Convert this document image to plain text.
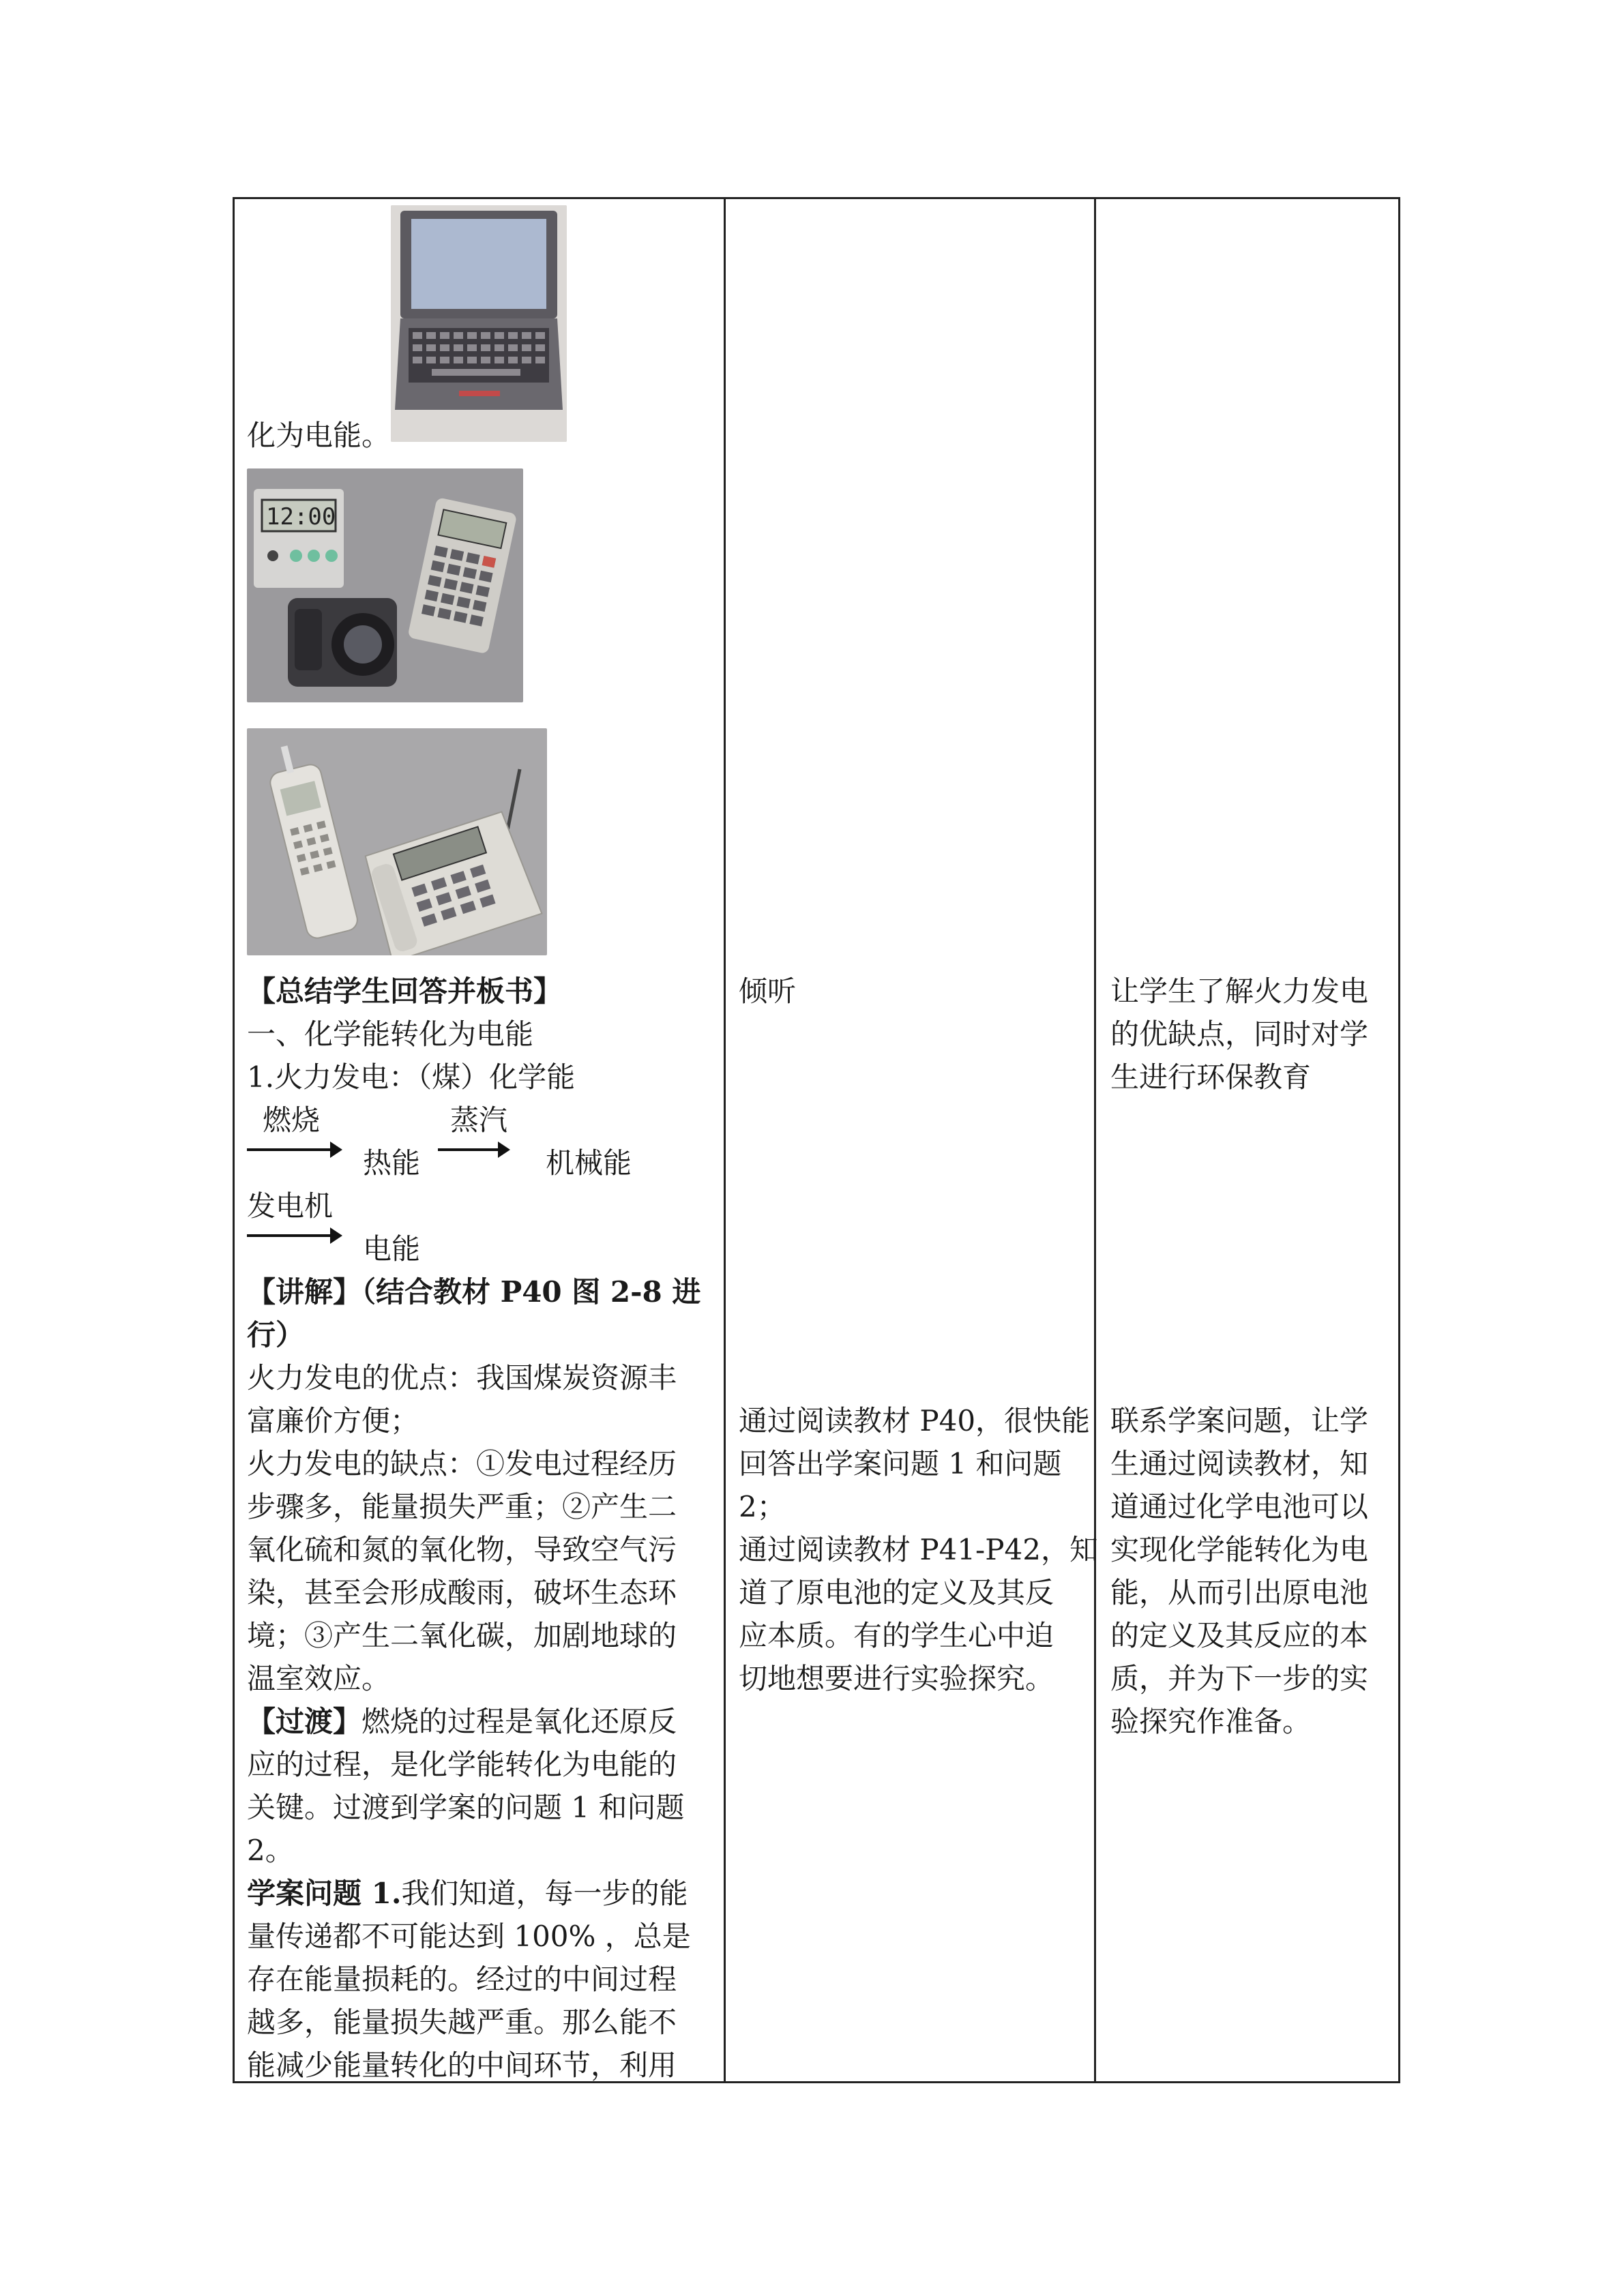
化为电能。
12:00
【总结学生回答并板书】
一、化学能转化为电能
1.火力发电：（煤）化学能
燃烧	蒸汽
热能	机械能
发电机
电能
【讲解】（结合教材 P40 图 2-8 进
行）
火力发电的优点：我国煤炭资源丰
富廉价方便；
火力发电的缺点：①发电过程经历
步骤多，能量损失严重；②产生二
氧化硫和氮的氧化物，导致空气污
染，甚至会形成酸雨，破坏生态环
境；③产生二氧化碳，加剧地球的
温室效应。
【过渡】燃烧的过程是氧化还原反
应的过程，是化学能转化为电能的
关键。过渡到学案的问题 1 和问题
2。
学案问题 1.我们知道，每一步的能
量传递都不可能达到 100% ，总是
存在能量损耗的。经过的中间过程
越多，能量损失越严重。那么能不
能减少能量转化的中间环节，利用
倾听
通过阅读教材 P40，很快能
回答出学案问题 1 和问题
2；
通过阅读教材 P41-P42，知
道了原电池的定义及其反
应本质。有的学生心中迫
切地想要进行实验探究。
让学生了解火力发电
的优缺点，同时对学
生进行环保教育
联系学案问题，让学
生通过阅读教材，知
道通过化学电池可以
实现化学能转化为电
能，从而引出原电池
的定义及其反应的本
质，并为下一步的实
验探究作准备。
